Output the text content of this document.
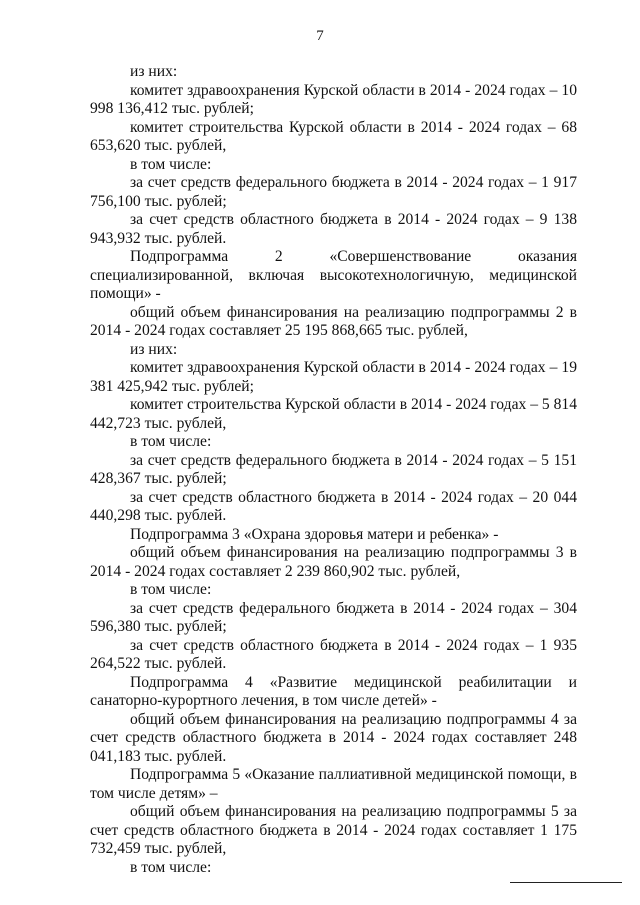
7

из них:

комитет здравоохранения Курской области в 2014 - 2024 годах – 10 998 136,412 тыс. рублей;

комитет строительства Курской области в 2014 - 2024 годах – 68 653,620 тыс. рублей,

в том числе:

за счет средств федерального бюджета в 2014 - 2024 годах – 1 917 756,100 тыс. рублей;

за счет средств областного бюджета в 2014 - 2024 годах – 9 138 943,932 тыс. рублей.

Подпрограмма 2 «Совершенствование оказания специализированной, включая высокотехнологичную, медицинской помощи» -

общий объем финансирования на реализацию подпрограммы 2 в 2014 - 2024 годах составляет 25 195 868,665 тыс. рублей,

из них:

комитет здравоохранения Курской области в 2014 - 2024 годах – 19 381 425,942 тыс. рублей;

комитет строительства Курской области в 2014 - 2024 годах – 5 814 442,723 тыс. рублей,

в том числе:

за счет средств федерального бюджета в 2014 - 2024 годах – 5 151 428,367 тыс. рублей;

за счет средств областного бюджета в 2014 - 2024 годах – 20 044 440,298 тыс. рублей.

Подпрограмма 3 «Охрана здоровья матери и ребенка» -

общий объем финансирования на реализацию подпрограммы 3 в 2014 - 2024 годах составляет 2 239 860,902 тыс. рублей,

в том числе:

за счет средств федерального бюджета в 2014 - 2024 годах – 304 596,380 тыс. рублей;

за счет средств областного бюджета в 2014 - 2024 годах – 1 935 264,522 тыс. рублей.

Подпрограмма 4 «Развитие медицинской реабилитации и санаторно-курортного лечения, в том числе детей» -

общий объем финансирования на реализацию подпрограммы 4 за счет средств областного бюджета в 2014 - 2024 годах составляет 248 041,183 тыс. рублей.

Подпрограмма 5 «Оказание паллиативной медицинской помощи, в том числе детям» –

общий объем финансирования на реализацию подпрограммы 5 за счет средств областного бюджета в 2014 - 2024 годах составляет 1 175 732,459 тыс. рублей,

в том числе:
